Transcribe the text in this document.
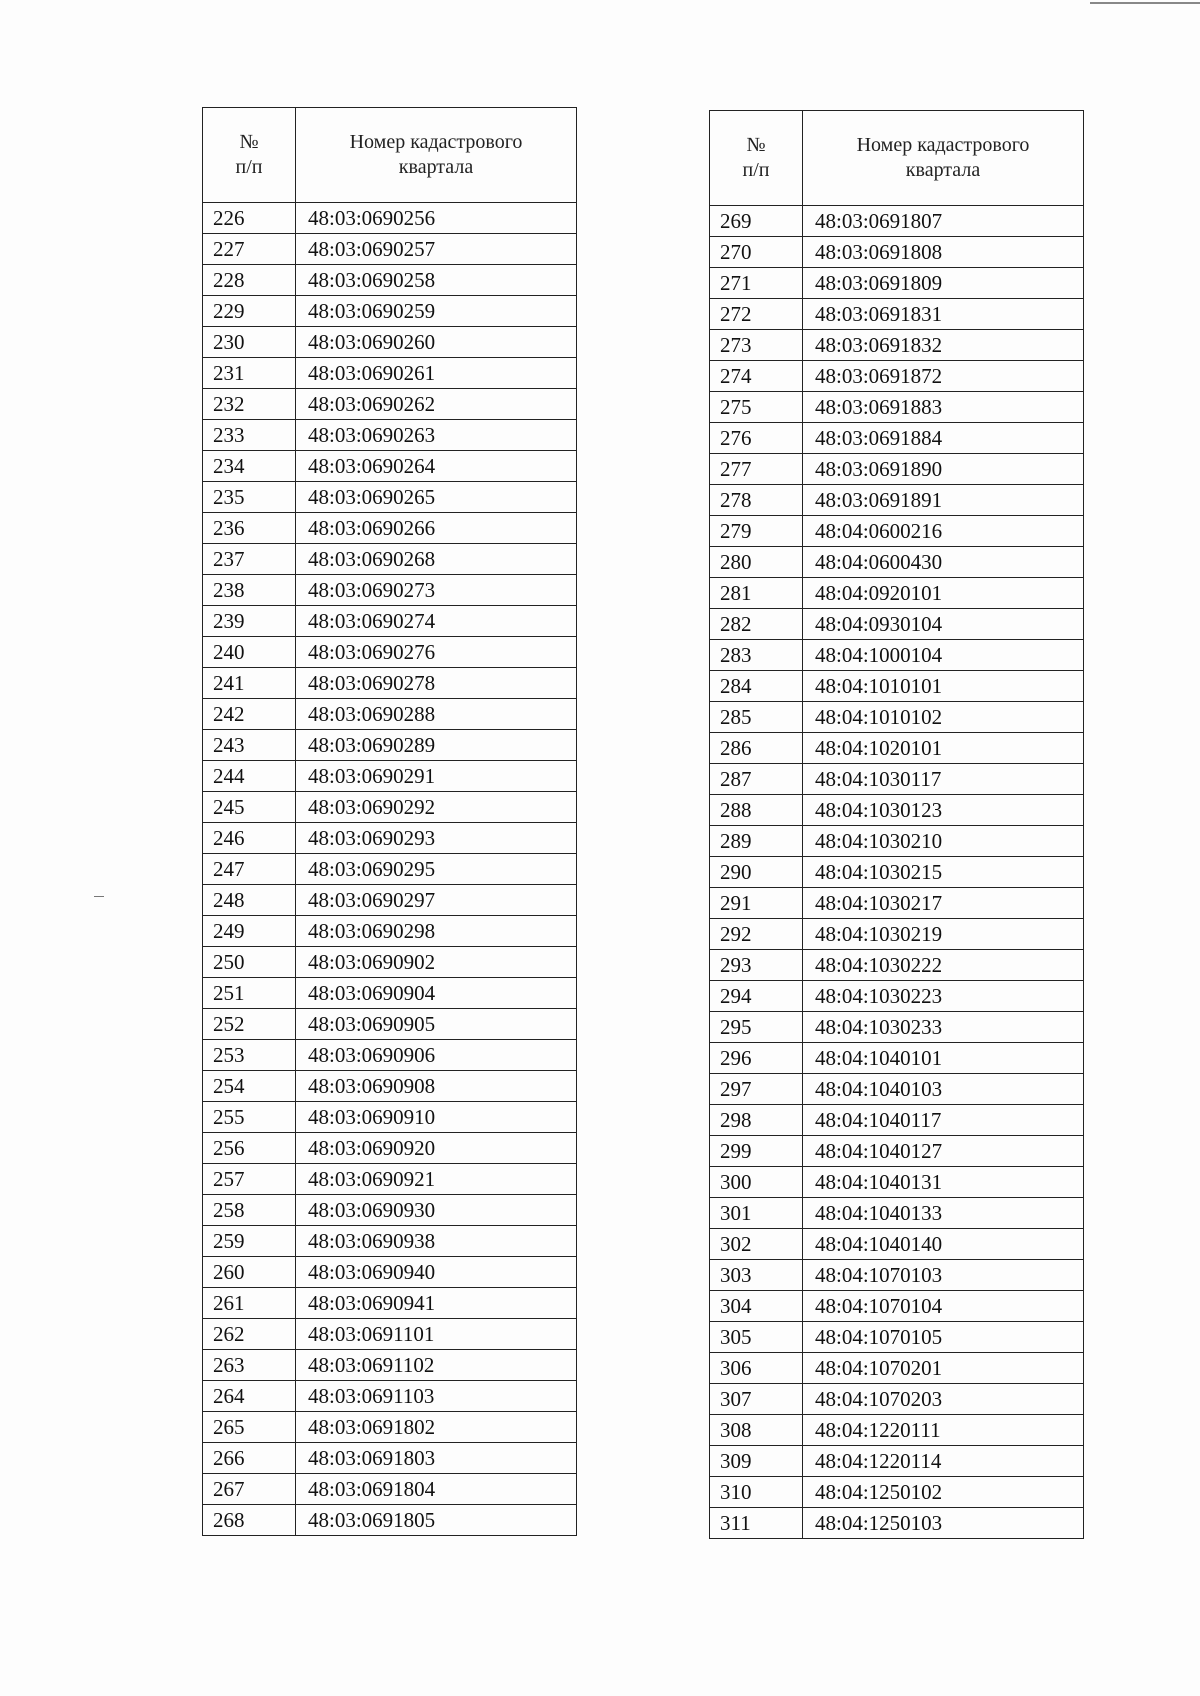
№
п/п	Номер кадастрового
квартала
226	48:03:0690256
227	48:03:0690257
228	48:03:0690258
229	48:03:0690259
230	48:03:0690260
231	48:03:0690261
232	48:03:0690262
233	48:03:0690263
234	48:03:0690264
235	48:03:0690265
236	48:03:0690266
237	48:03:0690268
238	48:03:0690273
239	48:03:0690274
240	48:03:0690276
241	48:03:0690278
242	48:03:0690288
243	48:03:0690289
244	48:03:0690291
245	48:03:0690292
246	48:03:0690293
247	48:03:0690295
248	48:03:0690297
249	48:03:0690298
250	48:03:0690902
251	48:03:0690904
252	48:03:0690905
253	48:03:0690906
254	48:03:0690908
255	48:03:0690910
256	48:03:0690920
257	48:03:0690921
258	48:03:0690930
259	48:03:0690938
260	48:03:0690940
261	48:03:0690941
262	48:03:0691101
263	48:03:0691102
264	48:03:0691103
265	48:03:0691802
266	48:03:0691803
267	48:03:0691804
268	48:03:0691805
№
п/п	Номер кадастрового
квартала
269	48:03:0691807
270	48:03:0691808
271	48:03:0691809
272	48:03:0691831
273	48:03:0691832
274	48:03:0691872
275	48:03:0691883
276	48:03:0691884
277	48:03:0691890
278	48:03:0691891
279	48:04:0600216
280	48:04:0600430
281	48:04:0920101
282	48:04:0930104
283	48:04:1000104
284	48:04:1010101
285	48:04:1010102
286	48:04:1020101
287	48:04:1030117
288	48:04:1030123
289	48:04:1030210
290	48:04:1030215
291	48:04:1030217
292	48:04:1030219
293	48:04:1030222
294	48:04:1030223
295	48:04:1030233
296	48:04:1040101
297	48:04:1040103
298	48:04:1040117
299	48:04:1040127
300	48:04:1040131
301	48:04:1040133
302	48:04:1040140
303	48:04:1070103
304	48:04:1070104
305	48:04:1070105
306	48:04:1070201
307	48:04:1070203
308	48:04:1220111
309	48:04:1220114
310	48:04:1250102
311	48:04:1250103
